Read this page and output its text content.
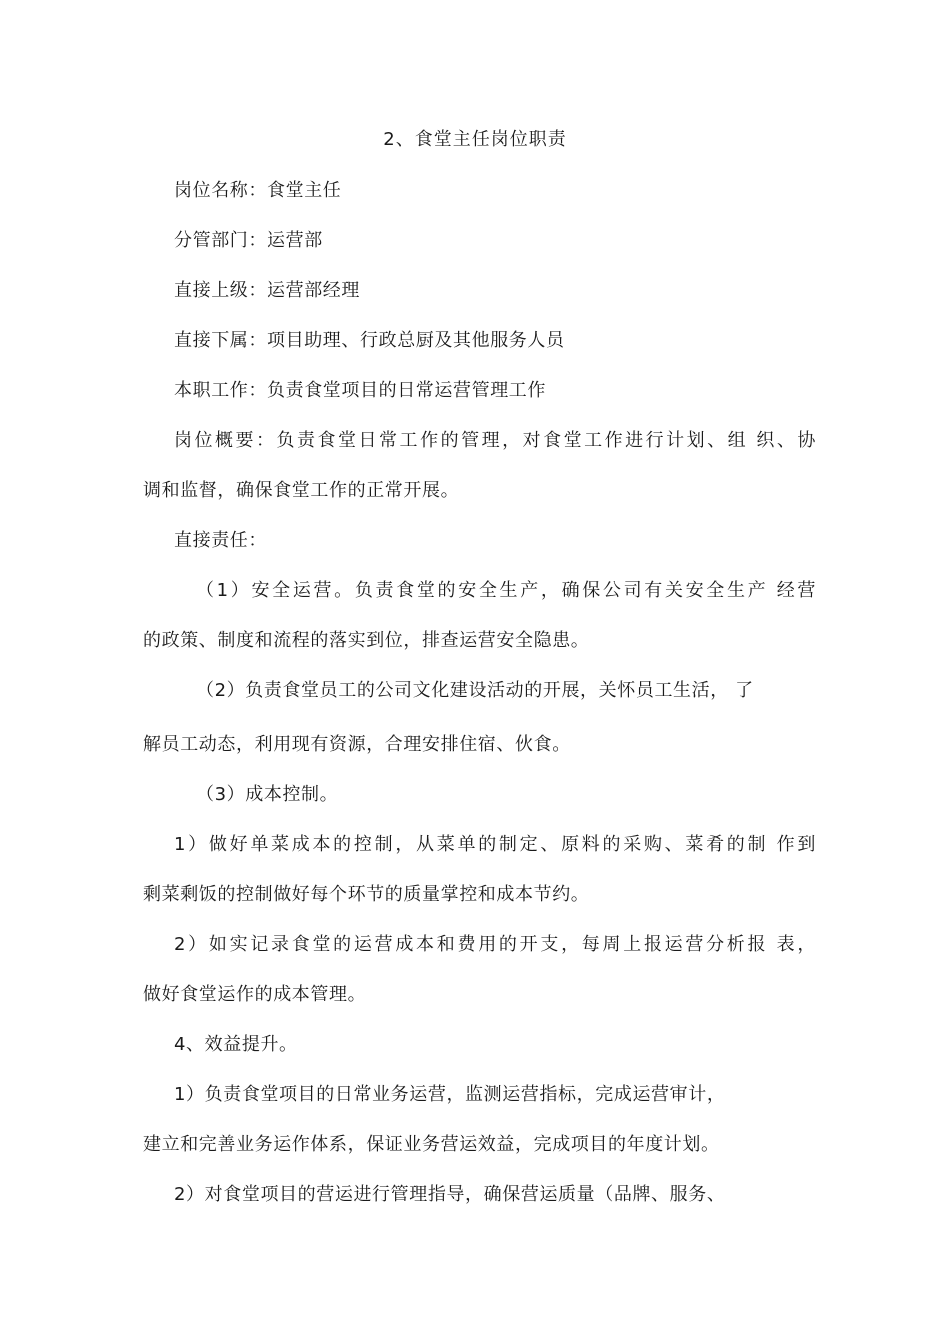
2、食堂主任岗位职责
岗位名称：食堂主任
分管部门：运营部
直接上级：运营部经理
直接下属：项目助理、行政总厨及其他服务人员
本职工作：负责食堂项目的日常运营管理工作
岗位概要：负责食堂日常工作的管理，对食堂工作进行计划、组 织、协
调和监督，确保食堂工作的正常开展。
直接责任：
（1）安全运营。负责食堂的安全生产，确保公司有关安全生产 经营
的政策、制度和流程的落实到位，排查运营安全隐患。
（2）负责食堂员工的公司文化建设活动的开展，关怀员工生活， 了
解员工动态，利用现有资源，合理安排住宿、伙食。
（3）成本控制。
1）做好单菜成本的控制，从菜单的制定、原料的采购、菜肴的制 作到
剩菜剩饭的控制做好每个环节的质量掌控和成本节约。
2）如实记录食堂的运营成本和费用的开支，每周上报运营分析报 表，
做好食堂运作的成本管理。
4、效益提升。
1）负责食堂项目的日常业务运营，监测运营指标，完成运营审计，
建立和完善业务运作体系，保证业务营运效益，完成项目的年度计划。
2）对食堂项目的营运进行管理指导，确保营运质量（品牌、服务、
